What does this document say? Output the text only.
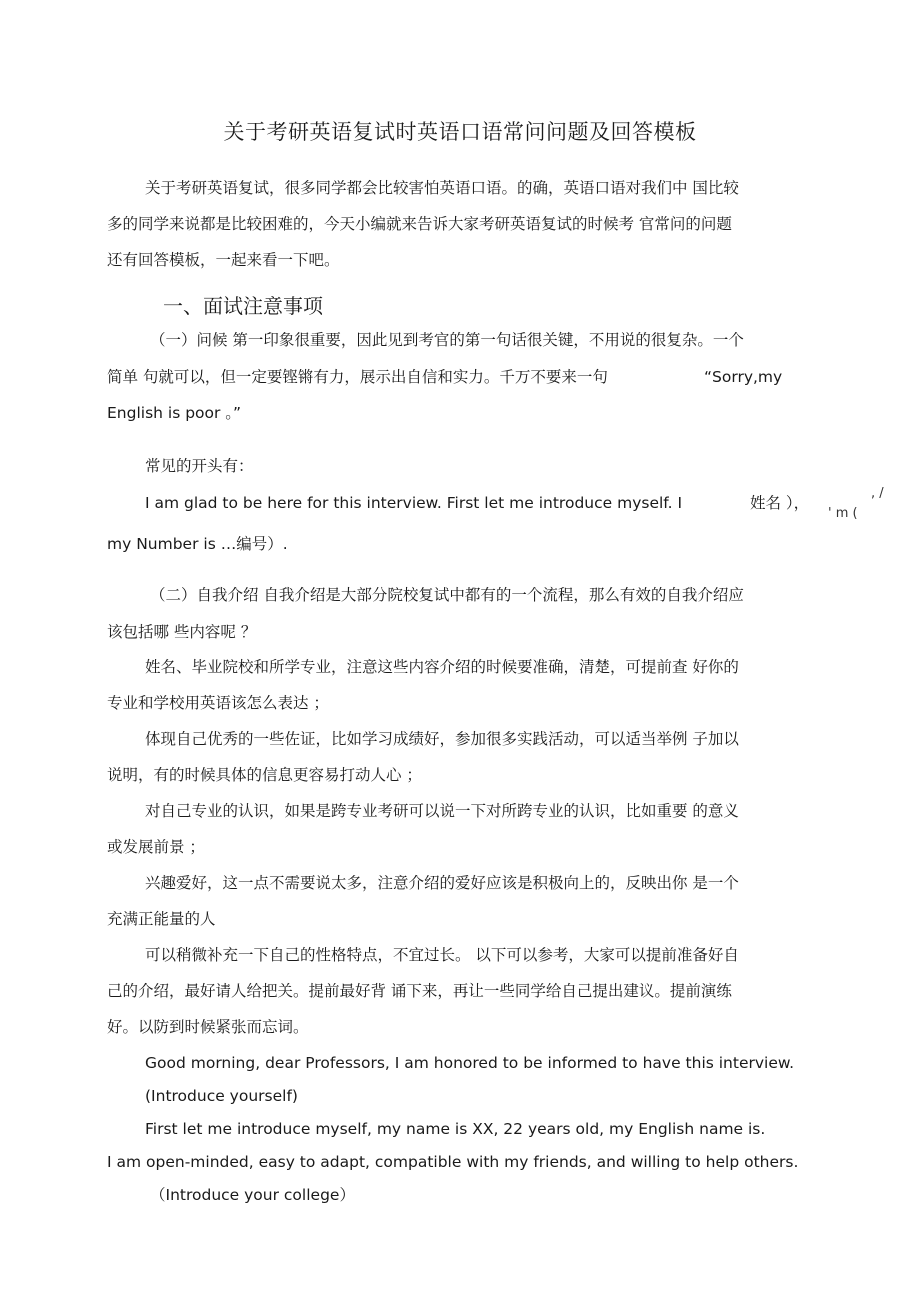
关于考研英语复试时英语口语常问问题及回答模板
关于考研英语复试，很多同学都会比较害怕英语口语。的确，英语口语对我们中 国比较
多的同学来说都是比较困难的，今天小编就来告诉大家考研英语复试的时候考 官常问的问题
还有回答模板，一起来看一下吧。
一、面试注意事项
（一）问候 第一印象很重要，因此见到考官的第一句话很关键，不用说的很复杂。一个
简单 句就可以，但一定要铿锵有力，展示出自信和实力。千万不要来一句	“Sorry,my
English is poor 。”
常见的开头有：
I am glad to be here for this interview. First let me introduce myself. I	姓名 ），
, /
' m (
my Number is …编号）.
（二）自我介绍 自我介绍是大部分院校复试中都有的一个流程，那么有效的自我介绍应
该包括哪 些内容呢 ？
姓名、毕业院校和所学专业，注意这些内容介绍的时候要准确，清楚，可提前查 好你的
专业和学校用英语该怎么表达 ；
体现自己优秀的一些佐证，比如学习成绩好，参加很多实践活动，可以适当举例 子加以
说明，有的时候具体的信息更容易打动人心 ；
对自己专业的认识，如果是跨专业考研可以说一下对所跨专业的认识，比如重要 的意义
或发展前景 ；
兴趣爱好，这一点不需要说太多，注意介绍的爱好应该是积极向上的，反映出你 是一个
充满正能量的人
可以稍微补充一下自己的性格特点，不宜过长。 以下可以参考，大家可以提前准备好自
己的介绍，最好请人给把关。提前最好背 诵下来，再让一些同学给自己提出建议。提前演练
好。以防到时候紧张而忘词。
Good morning, dear Professors, I am honored to be informed to have this interview.
(Introduce yourself)
First let me introduce myself, my name is XX, 22 years old, my English name is.
I am open-minded, easy to adapt, compatible with my friends, and willing to help others.
（Introduce your college）
